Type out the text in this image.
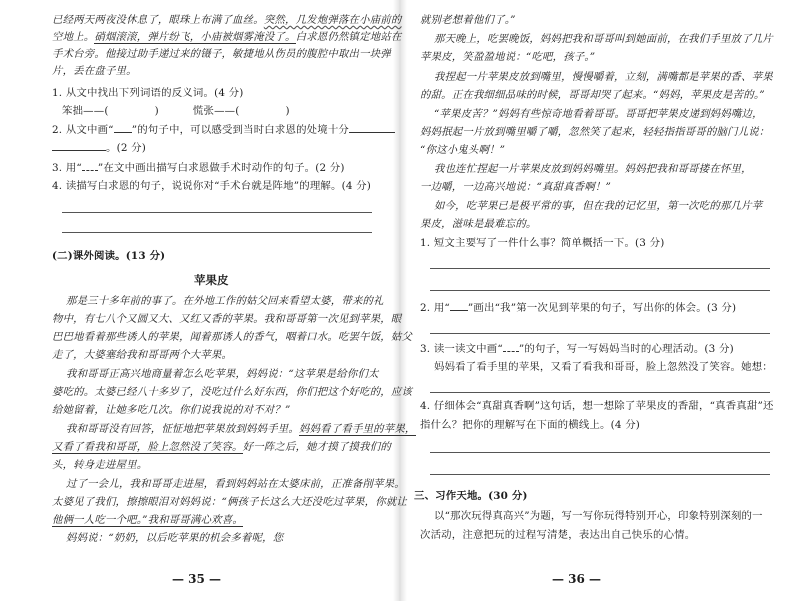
已经两天两夜没休息了，眼珠上布满了血丝。突然，几发炮弹落在小庙前的
空地上。硝烟滚滚，弹片纷飞，小庙被烟雾淹没了。白求恩仍然镇定地站在
手术台旁。他接过助手递过来的镊子，敏捷地从伤员的腹腔中取出一块弹
片，丢在盘子里。
1. 从文中找出下列词语的反义词。(4 分)
笨拙——(	)	慌张——(	)
2. 从文中画“ ”的句子中，可以感受到当时白求恩的处境十分
。(2 分)
3. 用“ ”在文中画出描写白求恩做手术时动作的句子。(2 分)
4. 读描写白求恩的句子，说说你对“手术台就是阵地”的理解。(4 分)
(二)课外阅读。(13 分)
苹果皮
那是三十多年前的事了。在外地工作的姑父回来看望太婆，带来的礼
物中，有七八个又圆又大、又红又香的苹果。我和哥哥第一次见到苹果，眼
巴巴地看着那些诱人的苹果，闻着那诱人的香气，咽着口水。吃罢午饭，姑父
走了，大婆塞给我和哥哥两个大苹果。
我和哥哥正高兴地商量着怎么吃苹果，妈妈说：“这苹果是给你们太
婆吃的。太婆已经八十多岁了，没吃过什么好东西，你们把这个好吃的，应该
给她留着，让她多吃几次。你们说我说的对不对？”
我和哥哥没有回答，怔怔地把苹果放到妈妈手里。妈妈看了看手里的苹果，
又看了看我和哥哥，脸上忽然没了笑容。好一阵之后，她才摸了摸我们的
头，转身走进屋里。
过了一会儿，我和哥哥走进屋，看到妈妈站在太婆床前，正准备削苹果。
太婆见了我们，擦擦眼泪对妈妈说：“俩孩子长这么大还没吃过苹果，你就让
他俩一人吃一个吧。”我和哥哥满心欢喜。
妈妈说：“奶奶，以后吃苹果的机会多着呢，您
— 35 —
就别老想着他们了。”
那天晚上，吃罢晚饭，妈妈把我和哥哥叫到她面前，在我们手里放了几片
苹果皮，笑盈盈地说：“吃吧，孩子。”
我捏起一片苹果皮放到嘴里，慢慢嚼着，立刻，满嘴都是苹果的香、苹果
的甜。正在我细细品味的时候，哥哥却哭了起来。“妈妈，苹果皮是苦的。”
“苹果皮苦？”妈妈有些惊奇地看着哥哥。哥哥把苹果皮递到妈妈嘴边，
妈妈抿起一片放到嘴里嚼了嚼，忽然笑了起来，轻轻指指哥哥的脑门儿说：
“你这小鬼头啊！”
我也连忙捏起一片苹果皮放到妈妈嘴里。妈妈把我和哥哥搂在怀里，
一边嚼，一边高兴地说：“真甜真香啊！”
如今，吃苹果已是极平常的事，但在我的记忆里，第一次吃的那几片苹
果皮，滋味是最难忘的。
1. 短文主要写了一件什么事？简单概括一下。(3 分)
2. 用“ ”画出“我”第一次见到苹果的句子，写出你的体会。(3 分)
3. 读一读文中画“ ”的句子，写一写妈妈当时的心理活动。(3 分)
妈妈看了看手里的苹果，又看了看我和哥哥，脸上忽然没了笑容。她想：
4. 仔细体会“真甜真香啊”这句话，想一想除了苹果皮的香甜，“真香真甜”还
指什么？把你的理解写在下面的横线上。(4 分)
三、习作天地。(30 分)
以“那次玩得真高兴”为题，写一写你玩得特别开心，印象特别深刻的一
次活动，注意把玩的过程写清楚，表达出自己快乐的心情。
— 36 —
